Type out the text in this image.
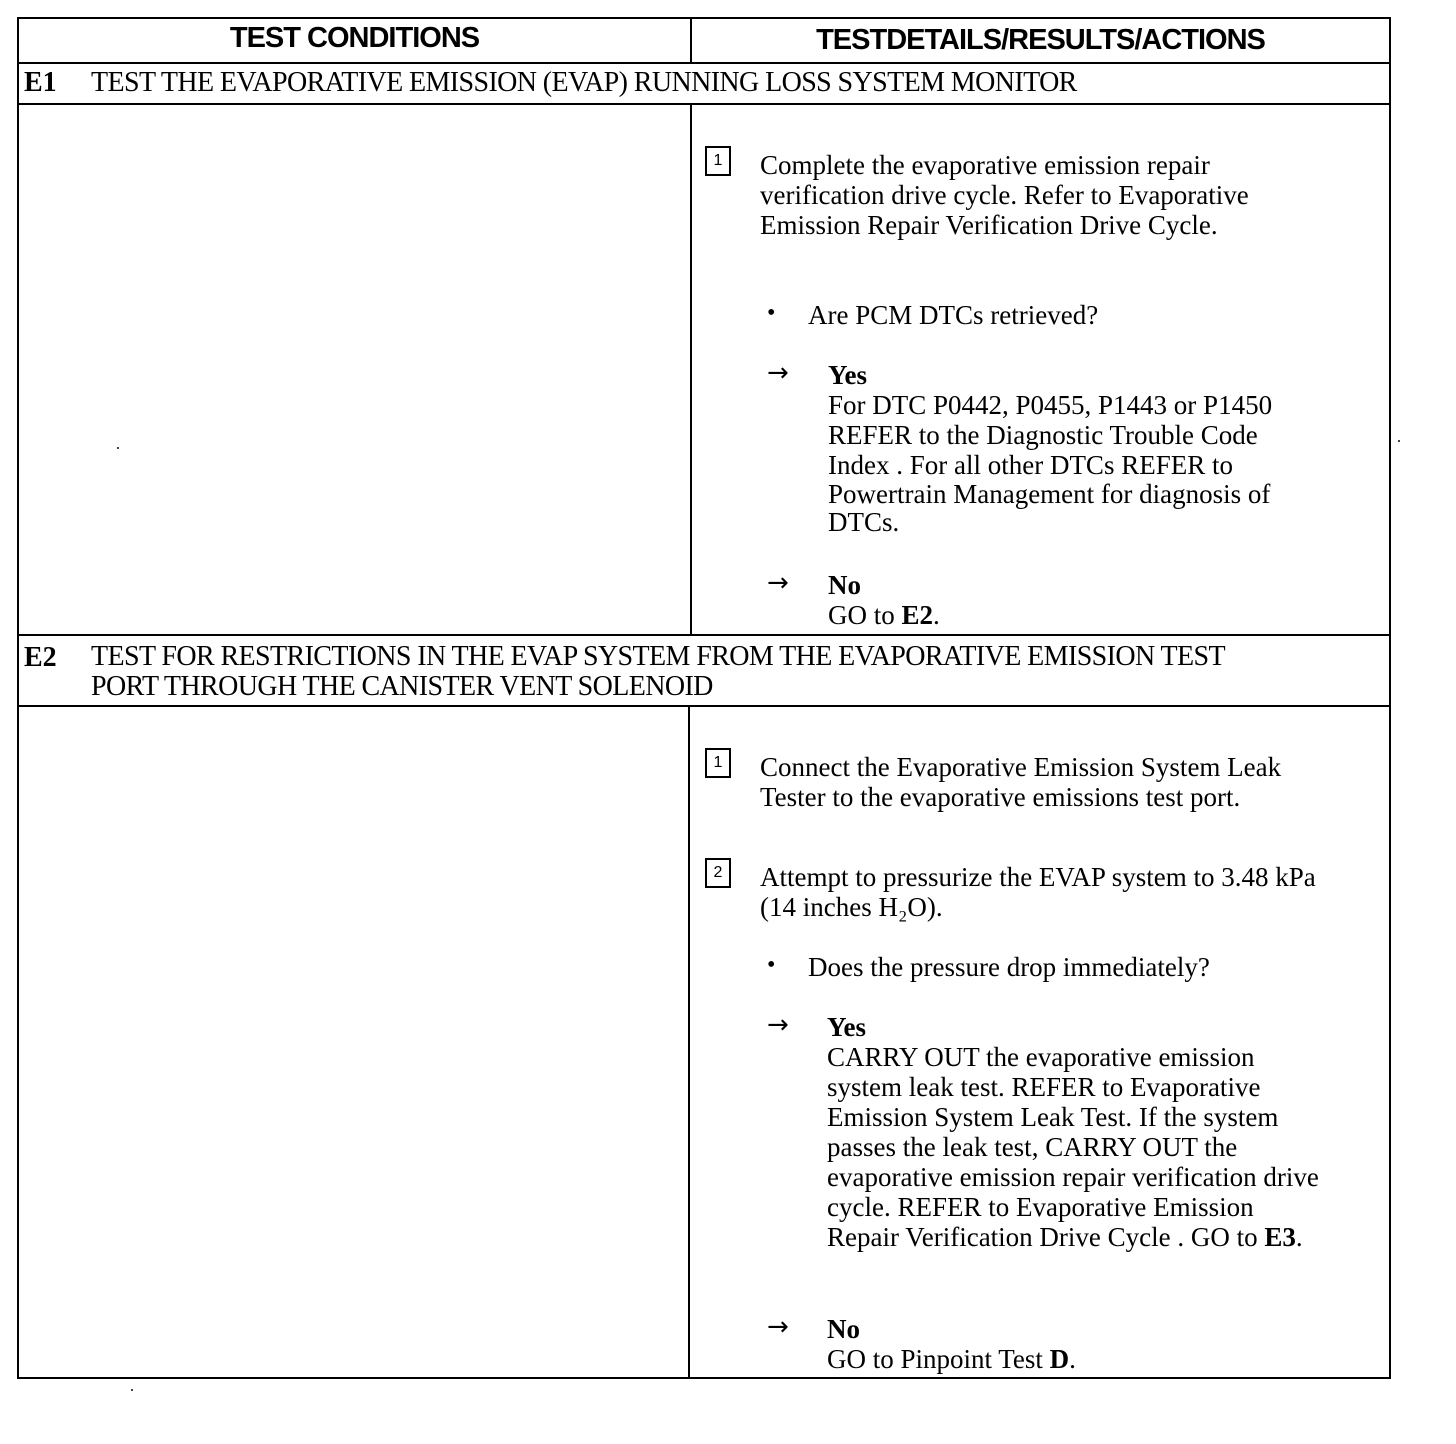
TEST CONDITIONS	TESTDETAILS/RESULTS/ACTIONS
E1 TEST THE EVAPORATIVE EMISSION (EVAP) RUNNING LOSS SYSTEM MONITOR
1	Complete the evaporative emission repair
verification drive cycle. Refer to Evaporative
Emission Repair Verification Drive Cycle.
• Are PCM DTCs retrieved?
→ Yes
For DTC P0442, P0455, P1443 or P1450
REFER to the Diagnostic Trouble Code
Index . For all other DTCs REFER to
Powertrain Management for diagnosis of
DTCs.
→ No
GO to E2.
E2 TEST FOR RESTRICTIONS IN THE EVAP SYSTEM FROM THE EVAPORATIVE EMISSION TEST
PORT THROUGH THE CANISTER VENT SOLENOID
1	Connect the Evaporative Emission System Leak
Tester to the evaporative emissions test port.
2	Attempt to pressurize the EVAP system to 3.48 kPa
(14 inches H₂O).
• Does the pressure drop immediately?
→ Yes
CARRY OUT the evaporative emission
system leak test. REFER to Evaporative
Emission System Leak Test. If the system
passes the leak test, CARRY OUT the
evaporative emission repair verification drive
cycle. REFER to Evaporative Emission
Repair Verification Drive Cycle . GO to E3.
→ No
GO to Pinpoint Test D.
